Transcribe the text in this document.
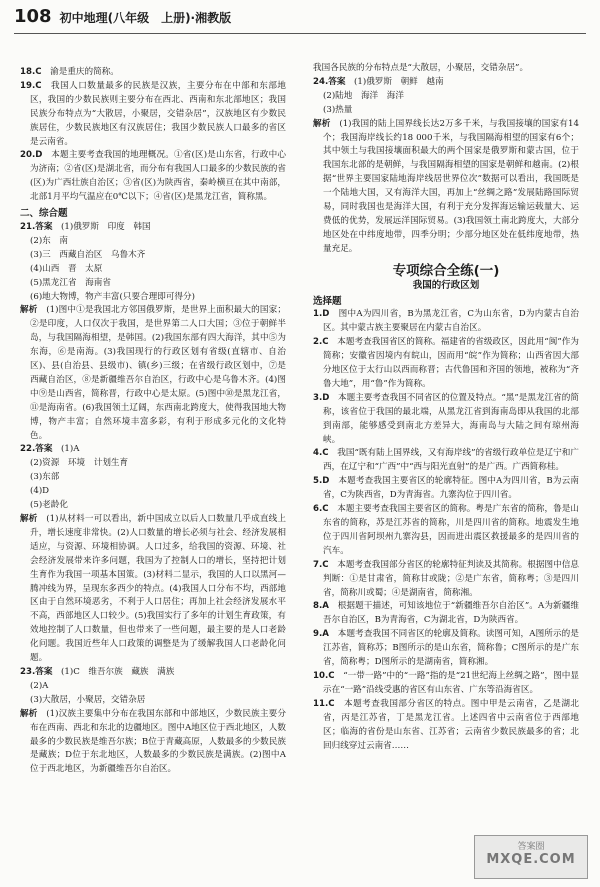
108 初中地理(八年级　上册)·湘教版

18.C　 渝是重庆的简称。

19.C　 我国人口数量最多的民族是汉族，主要分布在中部和东部地区，我国的少数民族则主要分布在西北、西南和东北部地区；我国民族分布特点为“大散居，小聚居，交错杂居”，汉族地区有少数民族居住，少数民族地区有汉族居住；我国少数民族人口最多的省区是云南省。

20.D　 本题主要考查我国的地理概况。①省(区)是山东省，行政中心为济南；②省(区)是湖北省，而分布有我国人口最多的少数民族的省(区)为广西壮族自治区；③省(区)为陕西省，秦岭横亘在其中南部，北部1月平均气温应在0℃以下；④省(区)是黑龙江省，简称黑。

二、综合题

21.答案　 (1)俄罗斯　印度　韩国

(2)东　南

(3)三　西藏自治区　乌鲁木齐

(4)山西　晋　太原

(5)黑龙江省　海南省

(6)地大物博，物产丰富(只要合理即可得分)

解析　 (1)图中①是我国北方邻国俄罗斯，是世界上面积最大的国家；②是印度，人口仅次于我国，是世界第二人口大国；③位于朝鲜半岛，与我国隔海相望，是韩国。(2)我国东部有四大海洋，其中⑤为东海，⑥是南海。(3)我国现行的行政区划有省级(直辖市、自治区)、县(自治县、县级市)、镇(乡)三级；在省级行政区划中，⑦是西藏自治区，⑧是新疆维吾尔自治区，行政中心是乌鲁木齐。(4)图中⑨是山西省，简称晋，行政中心是太原。(5)图中⑩是黑龙江省，⑪是海南省。(6)我国领土辽阔，东西南北跨度大，使得我国地大物博，物产丰富；自然环境丰富多彩，有利于形成多元化的文化特色。

22.答案　 (1)A

(2)资源　环境　计划生育

(3)东部

(4)D

(5)老龄化

解析　 (1)从材料一可以看出，新中国成立以后人口数量几乎成直线上升，增长速度非常快。(2)人口数量的增长必须与社会、经济发展相适应，与资源、环境相协调。人口过多，给我国的资源、环境、社会经济发展带来许多问题，我国为了控制人口的增长，坚持把计划生育作为我国一项基本国策。(3)材料二显示，我国的人口以黑河—腾冲线为界，呈现东多西少的特点。(4)我国人口分布不均，西部地区由于自然环境恶劣，不利于人口居住；再加上社会经济发展水平不高，西部地区人口较少。(5)我国实行了多年的计划生育政策，有效地控制了人口数量，但也带来了一些问题，最主要的是人口老龄化问题。我国近些年人口政策的调整是为了缓解我国人口老龄化问题。

23.答案　 (1)C　维吾尔族　藏族　满族

(2)A

(3)大散居，小聚居，交错杂居

解析　 (1)汉族主要集中分布在我国东部和中部地区，少数民族主要分布在西南、西北和东北的边疆地区。图中A地区位于西北地区，人数最多的少数民族是维吾尔族；B位于青藏高原，人数最多的少数民族是藏族；D位于东北地区，人数最多的少数民族是满族。(2)图中A位于西北地区，为新疆维吾尔自治区。

我国各民族的分布特点是“大散居，小聚居，交错杂居”。

24.答案　 (1)俄罗斯　朝鲜　越南

(2)陆地　海洋　海洋

(3)热量

解析　 (1)我国的陆上国界线长达2万多千米，与我国接壤的国家有14个；我国海岸线长约18 000千米，与我国隔海相望的国家有6个；其中领土与我国接壤面积最大的两个国家是俄罗斯和蒙古国，位于我国东北部的是朝鲜，与我国隔海相望的国家是朝鲜和越南。(2)根据“世界主要国家陆地海岸线居世界位次”数据可以看出，我国既是一个陆地大国，又有海洋大国，再加上“丝绸之路”发展陆路国际贸易，同时我国也是海洋大国，有利于充分发挥海运输运载量大、运费低的优势，发展远洋国际贸易。(3)我国领土南北跨度大，大部分地区处在中纬度地带，四季分明；少部分地区处在低纬度地带，热量充足。

专项综合全练(一)

我国的行政区划

选择题

1.D　 图中A为四川省，B为黑龙江省，C为山东省，D为内蒙古自治区。其中蒙古族主要聚居在内蒙古自治区。

2.C　 本题考查我国省区的简称。福建省的省级政区，因此用“闽”作为简称；安徽省因境内有皖山，因而用“皖”作为简称；山西省因大部分地区位于太行山以西而称晋；古代鲁国和齐国的领地，被称为“齐鲁大地”，用“鲁”作为简称。

3.D　 本题主要考查我国不同省区的位置及特点。“黑”是黑龙江省的简称，该省位于我国的最北端，从黑龙江省到海南岛即从我国的北部到南部，能够感受到南北方差异大，海南岛与大陆之间有琼州海峡。

4.C　 我国“既有陆上国界线，又有海岸线”的省级行政单位是辽宁和广西，在辽宁和“广西”中“西与阳光直射”的是广西。广西简称桂。

5.D　 本题考查我国主要省区的轮廓特征。图中A为四川省，B为云南省，C为陕西省，D为青海省。九寨沟位于四川省。

6.C　 本题主要考查我国主要省区的简称。粤是广东省的简称，鲁是山东省的简称，苏是江苏省的简称，川是四川省的简称。地震发生地位于四川省阿坝州九寨沟县，因而进出震区救援最多的是四川省的汽车。

7.C　 本题考查我国部分省区的轮廓特征判读及其简称。根据图中信息判断：①是甘肃省，简称甘或陇；②是广东省，简称粤；③是四川省，简称川或蜀；④是湖南省，简称湘。

8.A　 根据题干描述，可知该地位于“新疆维吾尔自治区”。A为新疆维吾尔自治区，B为青海省，C为湖北省，D为陕西省。

9.A　 本题考查我国不同省区的轮廓及简称。读图可知，A图所示的是江苏省，简称苏；B图所示的是山东省，简称鲁；C图所示的是广东省，简称粤；D图所示的是湖南省，简称湘。

10.C　 “一带一路”中的“一路”指的是“21世纪海上丝绸之路”，图中显示在“一路”沿线受惠的省区有山东省、广东等沿海省区。

11.C　 本题考查我国部分省区的特点。图中甲是云南省，乙是湖北省，丙是江苏省，丁是黑龙江省。上述四省中云南省位于西部地区；临海的省份是山东省、江苏省；云南省少数民族最多的省；北回归线穿过云南省……

答案圈
MXQE.COM
